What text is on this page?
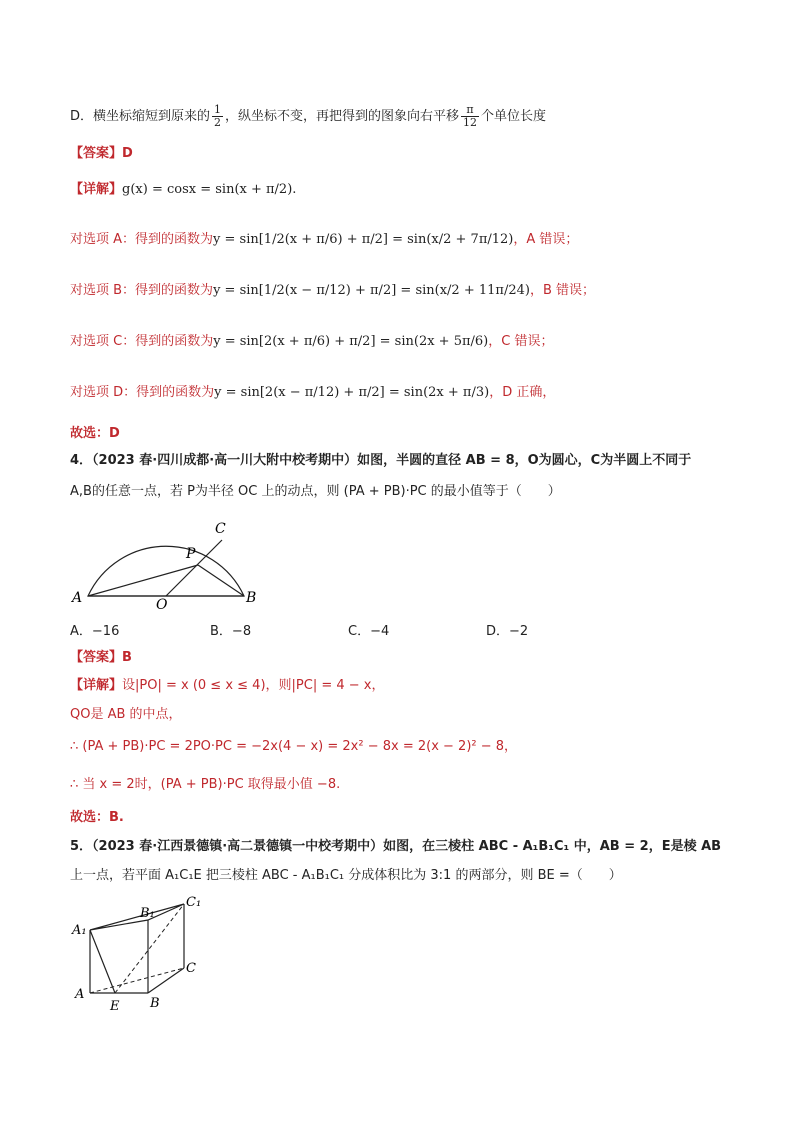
D．横坐标缩短到原来的 $\frac{1}{2}$ ，纵坐标不变，再把得到的图象向右平移 $\frac{\pi}{12}$ 个单位长度
【答案】D
【详解】g(x) = cosx = sin(x + π/2).
对选项 A：得到的函数为y = sin[1/2(x + π/6) + π/2] = sin(x/2 + 7π/12)，A 错误；
对选项 B：得到的函数为y = sin[1/2(x − π/12) + π/2] = sin(x/2 + 11π/24)，B 错误；
对选项 C：得到的函数为y = sin[2(x + π/6) + π/2] = sin(2x + 5π/6)，C 错误；
对选项 D：得到的函数为y = sin[2(x − π/12) + π/2] = sin(2x + π/3)，D 正确，
故选：D
4．（2023 春·四川成都·高一川大附中校考期中）如图，半圆的直径 AB = 8，O为圆心，C为半圆上不同于
A,B的任意一点，若 P为半径 OC 上的动点，则 (PA + PB)·PC 的最小值等于（　　）
A	B
O
C
P
A．−16	B．−8	C．−4	D．−2
【答案】B
【详解】设|PO| = x (0 ≤ x ≤ 4)，则|PC| = 4 − x，
QO是 AB 的中点，
∴ (PA + PB)·PC = 2PO·PC = −2x(4 − x) = 2x² − 8x = 2(x − 2)² − 8，
∴ 当 x = 2时，(PA + PB)·PC 取得最小值 −8.
故选：B.
5．（2023 春·江西景德镇·高二景德镇一中校考期中）如图，在三棱柱 ABC - A₁B₁C₁ 中，AB = 2，E是棱 AB
上一点，若平面 A₁C₁E 把三棱柱 ABC - A₁B₁C₁ 分成体积比为 3:1 的两部分，则 BE =（　　）
A₁
B₁
C₁
A
B
C
E
